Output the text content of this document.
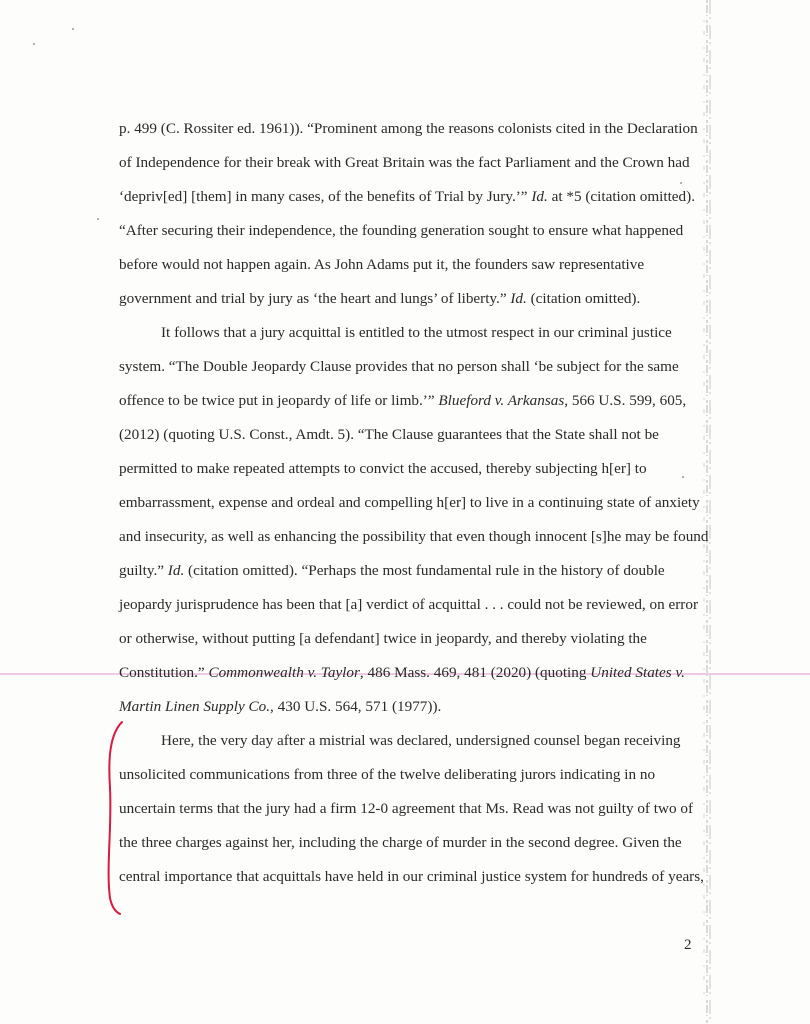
p. 499 (C. Rossiter ed. 1961)). “Prominent among the reasons colonists cited in the Declaration
of Independence for their break with Great Britain was the fact Parliament and the Crown had
‘depriv[ed] [them] in many cases, of the benefits of Trial by Jury.’” Id. at *5 (citation omitted).
“After securing their independence, the founding generation sought to ensure what happened
before would not happen again. As John Adams put it, the founders saw representative
government and trial by jury as ‘the heart and lungs’ of liberty.” Id. (citation omitted).
It follows that a jury acquittal is entitled to the utmost respect in our criminal justice
system. “The Double Jeopardy Clause provides that no person shall ‘be subject for the same
offence to be twice put in jeopardy of life or limb.’” Blueford v. Arkansas, 566 U.S. 599, 605,
(2012) (quoting U.S. Const., Amdt. 5). “The Clause guarantees that the State shall not be
permitted to make repeated attempts to convict the accused, thereby subjecting h[er] to
embarrassment, expense and ordeal and compelling h[er] to live in a continuing state of anxiety
and insecurity, as well as enhancing the possibility that even though innocent [s]he may be found
guilty.” Id. (citation omitted). “Perhaps the most fundamental rule in the history of double
jeopardy jurisprudence has been that [a] verdict of acquittal . . . could not be reviewed, on error
or otherwise, without putting [a defendant] twice in jeopardy, and thereby violating the
Constitution.” Commonwealth v. Taylor, 486 Mass. 469, 481 (2020) (quoting United States v.
Martin Linen Supply Co., 430 U.S. 564, 571 (1977)).
Here, the very day after a mistrial was declared, undersigned counsel began receiving
unsolicited communications from three of the twelve deliberating jurors indicating in no
uncertain terms that the jury had a firm 12-0 agreement that Ms. Read was not guilty of two of
the three charges against her, including the charge of murder in the second degree. Given the
central importance that acquittals have held in our criminal justice system for hundreds of years,
2
